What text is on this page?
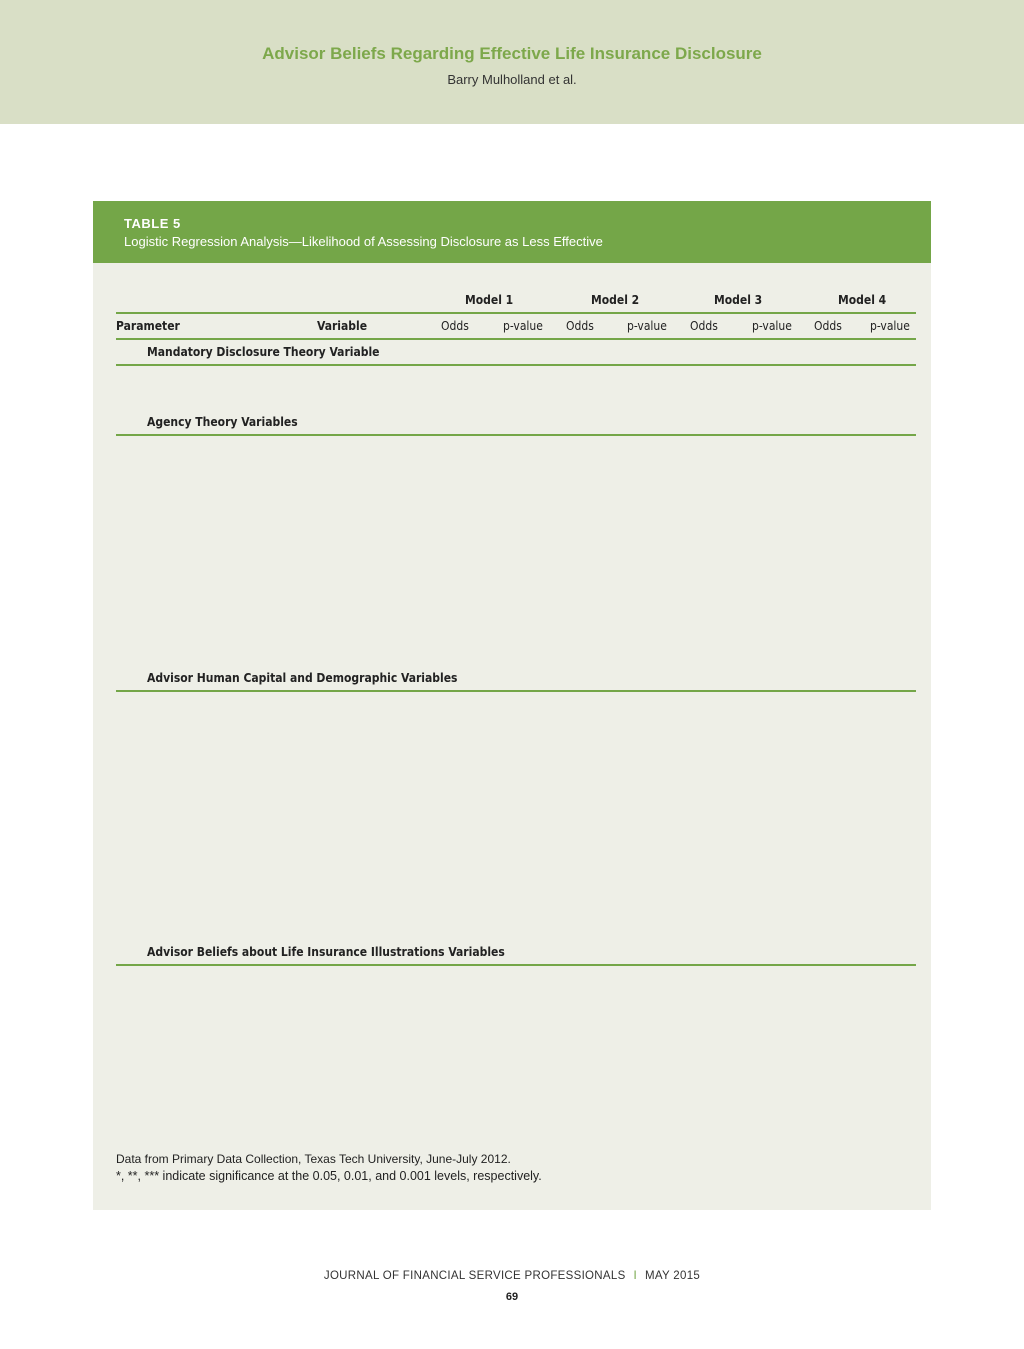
Advisor Beliefs Regarding Effective Life Insurance Disclosure
Barry Mulholland et al.
TABLE 5
Logistic Regression Analysis—Likelihood of Assessing Disclosure as Less Effective
Model 1	Model 2	Model 3	Model 4
Parameter	Variable	Odds	p-value Odds	p-value Odds	p-value Odds p-value
Mandatory Disclosure Theory Variable
Agency Theory Variables
Advisor Human Capital and Demographic Variables
Advisor Beliefs about Life Insurance Illustrations Variables
Data from Primary Data Collection, Texas Tech University, June-July 2012.
*, **, *** indicate significance at the 0.05, 0.01, and 0.001 levels, respectively.
JOURNAL OF FINANCIAL SERVICE PROFESSIONALS I MAY 2015
69
